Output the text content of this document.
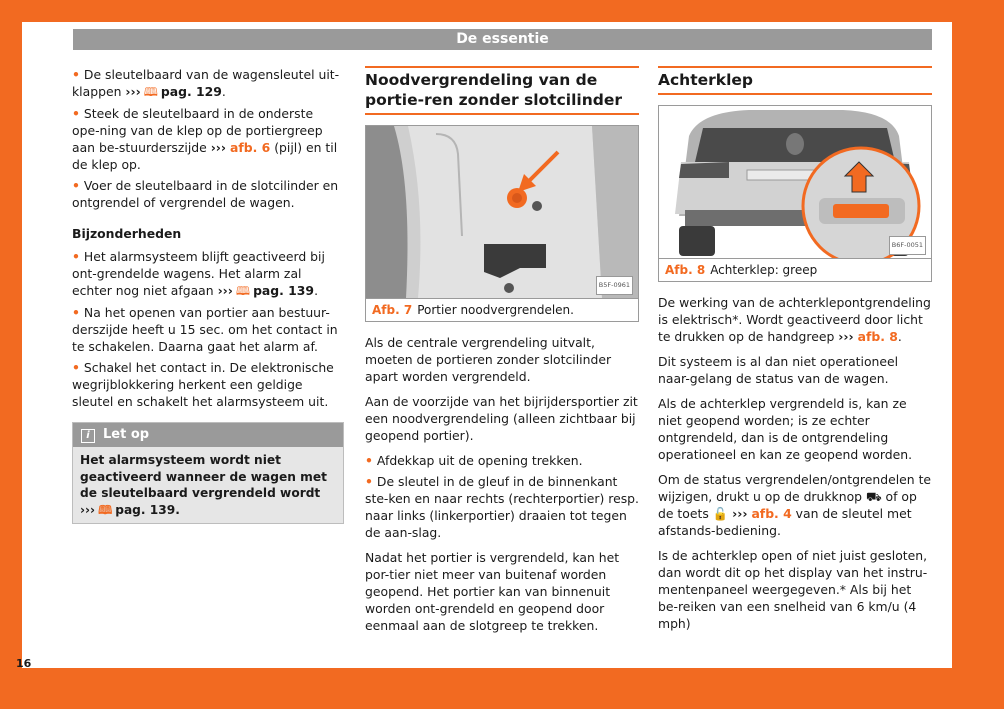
De essentie

• De sleutelbaard van de wagensleutel uit-klappen ››› 🕮 pag. 129.

• Steek de sleutelbaard in de onderste ope-ning van de klep op de portiergreep aan be-stuurderszijde ››› afb. 6 (pijl) en til de klep op.

• Voer de sleutelbaard in de slotcilinder en ontgrendel of vergrendel de wagen.

Bijzonderheden

• Het alarmsysteem blijft geactiveerd bij ont-grendelde wagens. Het alarm zal echter nog niet afgaan ››› 🕮 pag. 139.

• Na het openen van portier aan bestuur-derszijde heeft u 15 sec. om het contact in te schakelen. Daarna gaat het alarm af.

• Schakel het contact in. De elektronische wegrijblokkering herkent een geldige sleutel en schakelt het alarmsysteem uit.

i Let op
Het alarmsysteem wordt niet geactiveerd wanneer de wagen met de sleutelbaard vergrendeld wordt ››› 🕮 pag. 139.
Noodvergrendeling van de portie-ren zonder slotcilinder
B5F-0961
Afb. 7 Portier noodvergrendelen.

Als de centrale vergrendeling uitvalt, moeten de portieren zonder slotcilinder apart worden vergrendeld.

Aan de voorzijde van het bijrijdersportier zit een noodvergrendeling (alleen zichtbaar bij geopend portier).

• Afdekkap uit de opening trekken.

• De sleutel in de gleuf in de binnenkant ste-ken en naar rechts (rechterportier) resp. naar links (linkerportier) draaien tot tegen de aan-slag.

Nadat het portier is vergrendeld, kan het por-tier niet meer van buitenaf worden geopend. Het portier kan van binnenuit worden ont-grendeld en geopend door eenmaal aan de slotgreep te trekken.

Achterklep
B6F-0051
Afb. 8 Achterklep: greep

De werking van de achterklepontgrendeling is elektrisch*. Wordt geactiveerd door licht te drukken op de handgreep ››› afb. 8.

Dit systeem is al dan niet operationeel naar-gelang de status van de wagen.

Als de achterklep vergrendeld is, kan ze niet geopend worden; is ze echter ontgrendeld, dan is de ontgrendeling operationeel en kan ze geopend worden.

Om de status vergrendelen/ontgrendelen te wijzigen, drukt u op de drukknop ⛟ of op de toets 🔓 ››› afb. 4 van de sleutel met afstands-bediening.

Is de achterklep open of niet juist gesloten, dan wordt dit op het display van het instru-mentenpaneel weergegeven.* Als bij het be-reiken van een snelheid van 6 km/u (4 mph)

16
